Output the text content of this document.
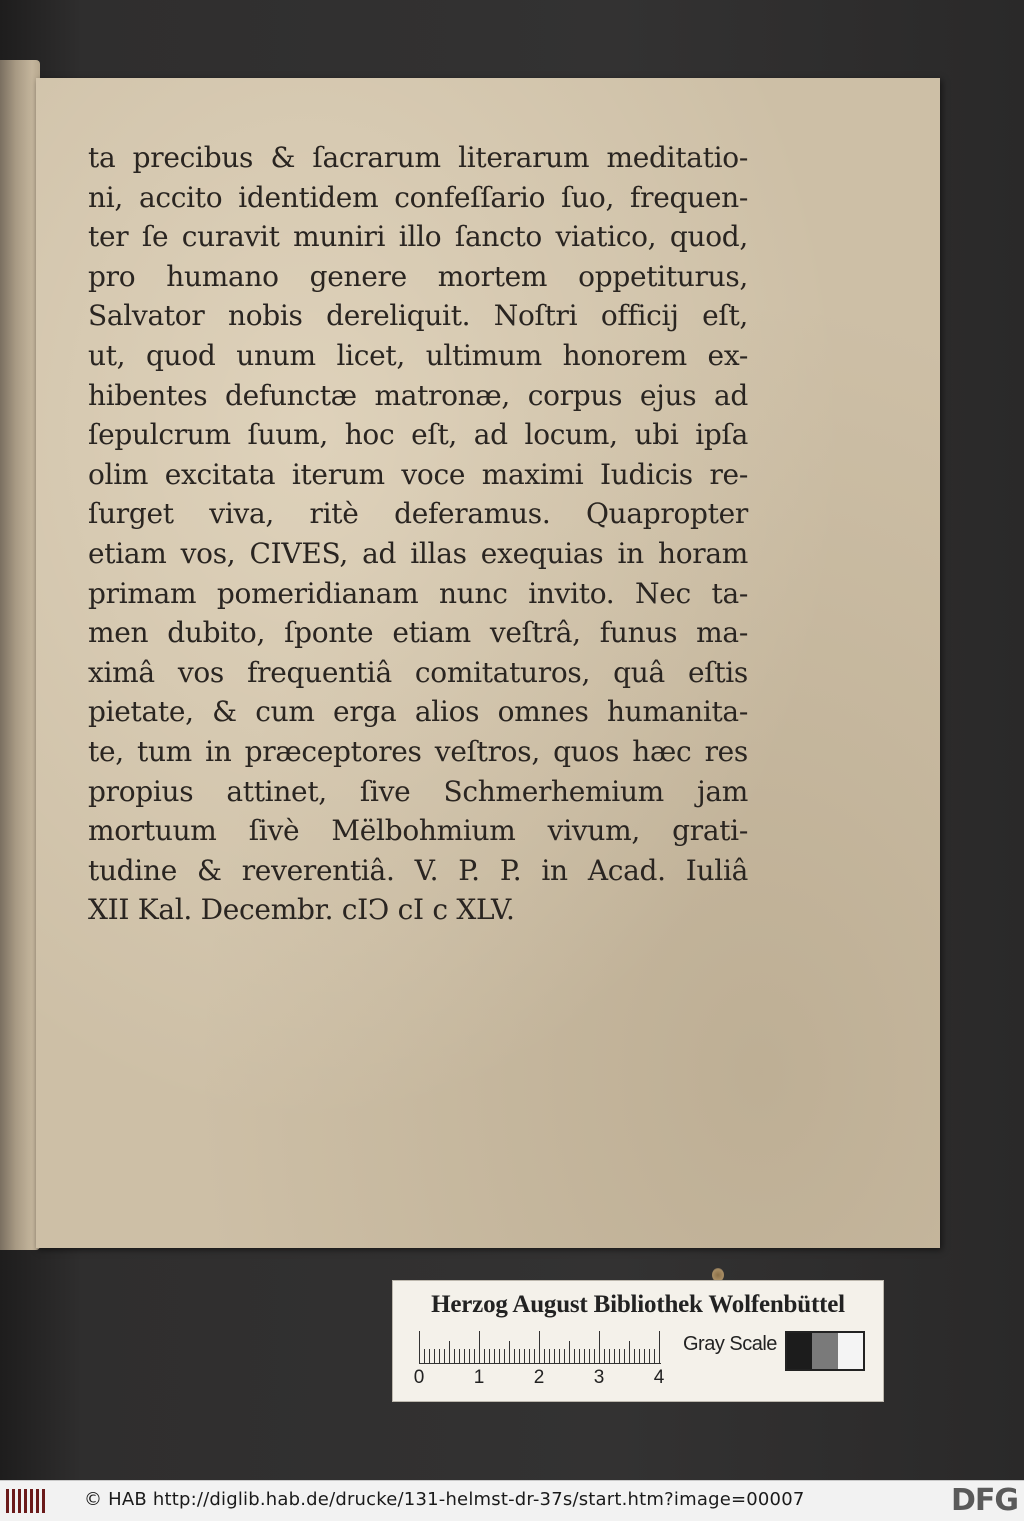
ta precibus & ſacrarum literarum meditatio-
ni, accito identidem confeſſario ſuo, frequen-
ter ſe curavit muniri illo ſancto viatico, quod,
pro humano genere mortem oppetiturus,
Salvator nobis dereliquit. Noſtri officij eſt,
ut, quod unum licet, ultimum honorem ex-
hibentes defunctæ matronæ, corpus ejus ad
ſepulcrum ſuum, hoc eſt, ad locum, ubi ipſa
olim excitata iterum voce maximi Iudicis re-
ſurget viva, ritè deferamus. Quapropter
etiam vos, CIVES, ad illas exequias in horam
primam pomeridianam nunc invito. Nec ta-
men dubito, ſponte etiam veſtrâ, funus ma-
ximâ vos frequentiâ comitaturos, quâ eſtis
pietate, & cum erga alios omnes humanita-
te, tum in præceptores veſtros, quos hæc res
propius attinet, ſive Schmerhemium jam
mortuum ſivè Mëlbohmium vivum, grati-
tudine & reverentiâ. V. P. P. in Acad. Iuliâ
XII Kal. Decembr. cIↃ cI c XLV.
Herzog August Bibliothek Wolfenbüttel
0	1	2	3	4
Gray Scale
© HAB http://diglib.hab.de/drucke/131-helmst-dr-37s/start.htm?image=00007	DFG
